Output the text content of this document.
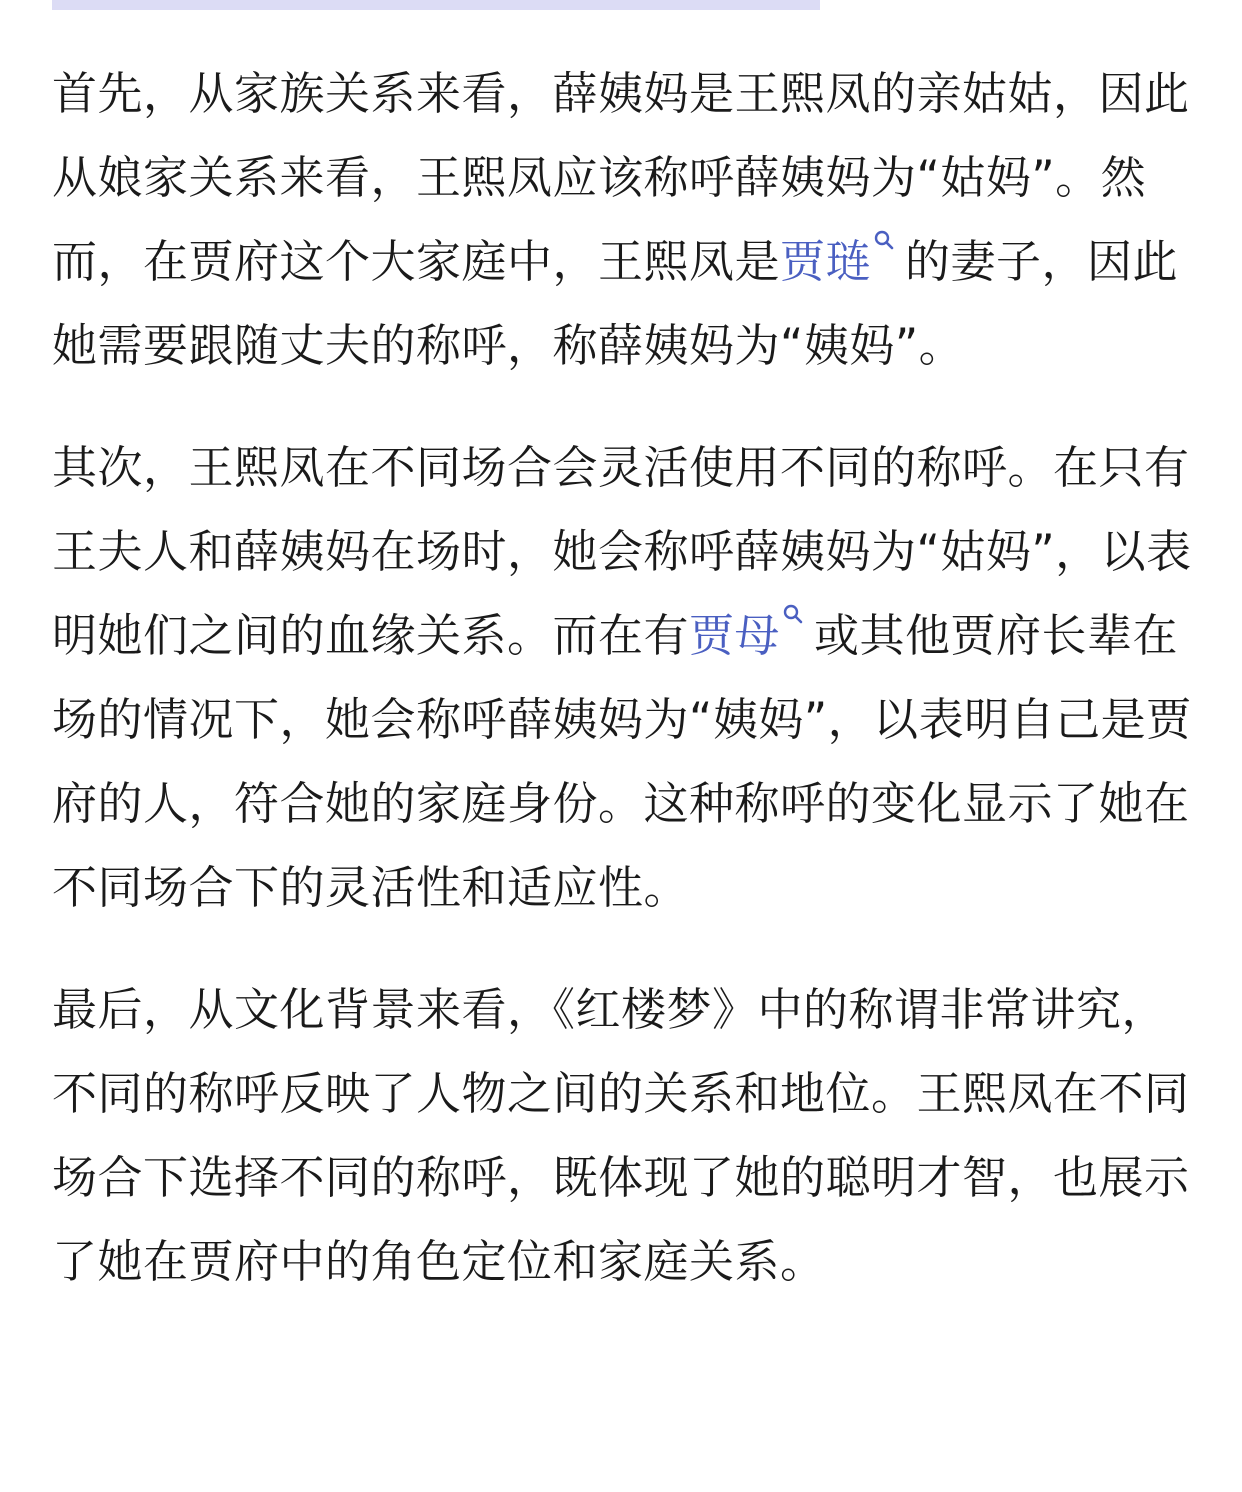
首先，从家族关系来看，薛姨妈是王熙凤的亲姑姑，因此从娘家关系来看，王熙凤应该称呼薛姨妈为“姑妈”。然而，在贾府这个大家庭中，王熙凤是贾琏 的妻子，因此她需要跟随丈夫的称呼，称薛姨妈为“姨妈”。

其次，王熙凤在不同场合会灵活使用不同的称呼。在只有王夫人和薛姨妈在场时，她会称呼薛姨妈为“姑妈”，以表明她们之间的血缘关系。而在有贾母 或其他贾府长辈在场的情况下，她会称呼薛姨妈为“姨妈”，以表明自己是贾府的人，符合她的家庭身份。这种称呼的变化显示了她在不同场合下的灵活性和适应性。

最后，从文化背景来看，《红楼梦》中的称谓非常讲究，不同的称呼反映了人物之间的关系和地位。王熙凤在不同场合下选择不同的称呼，既体现了她的聪明才智，也展示了她在贾府中的角色定位和家庭关系。
